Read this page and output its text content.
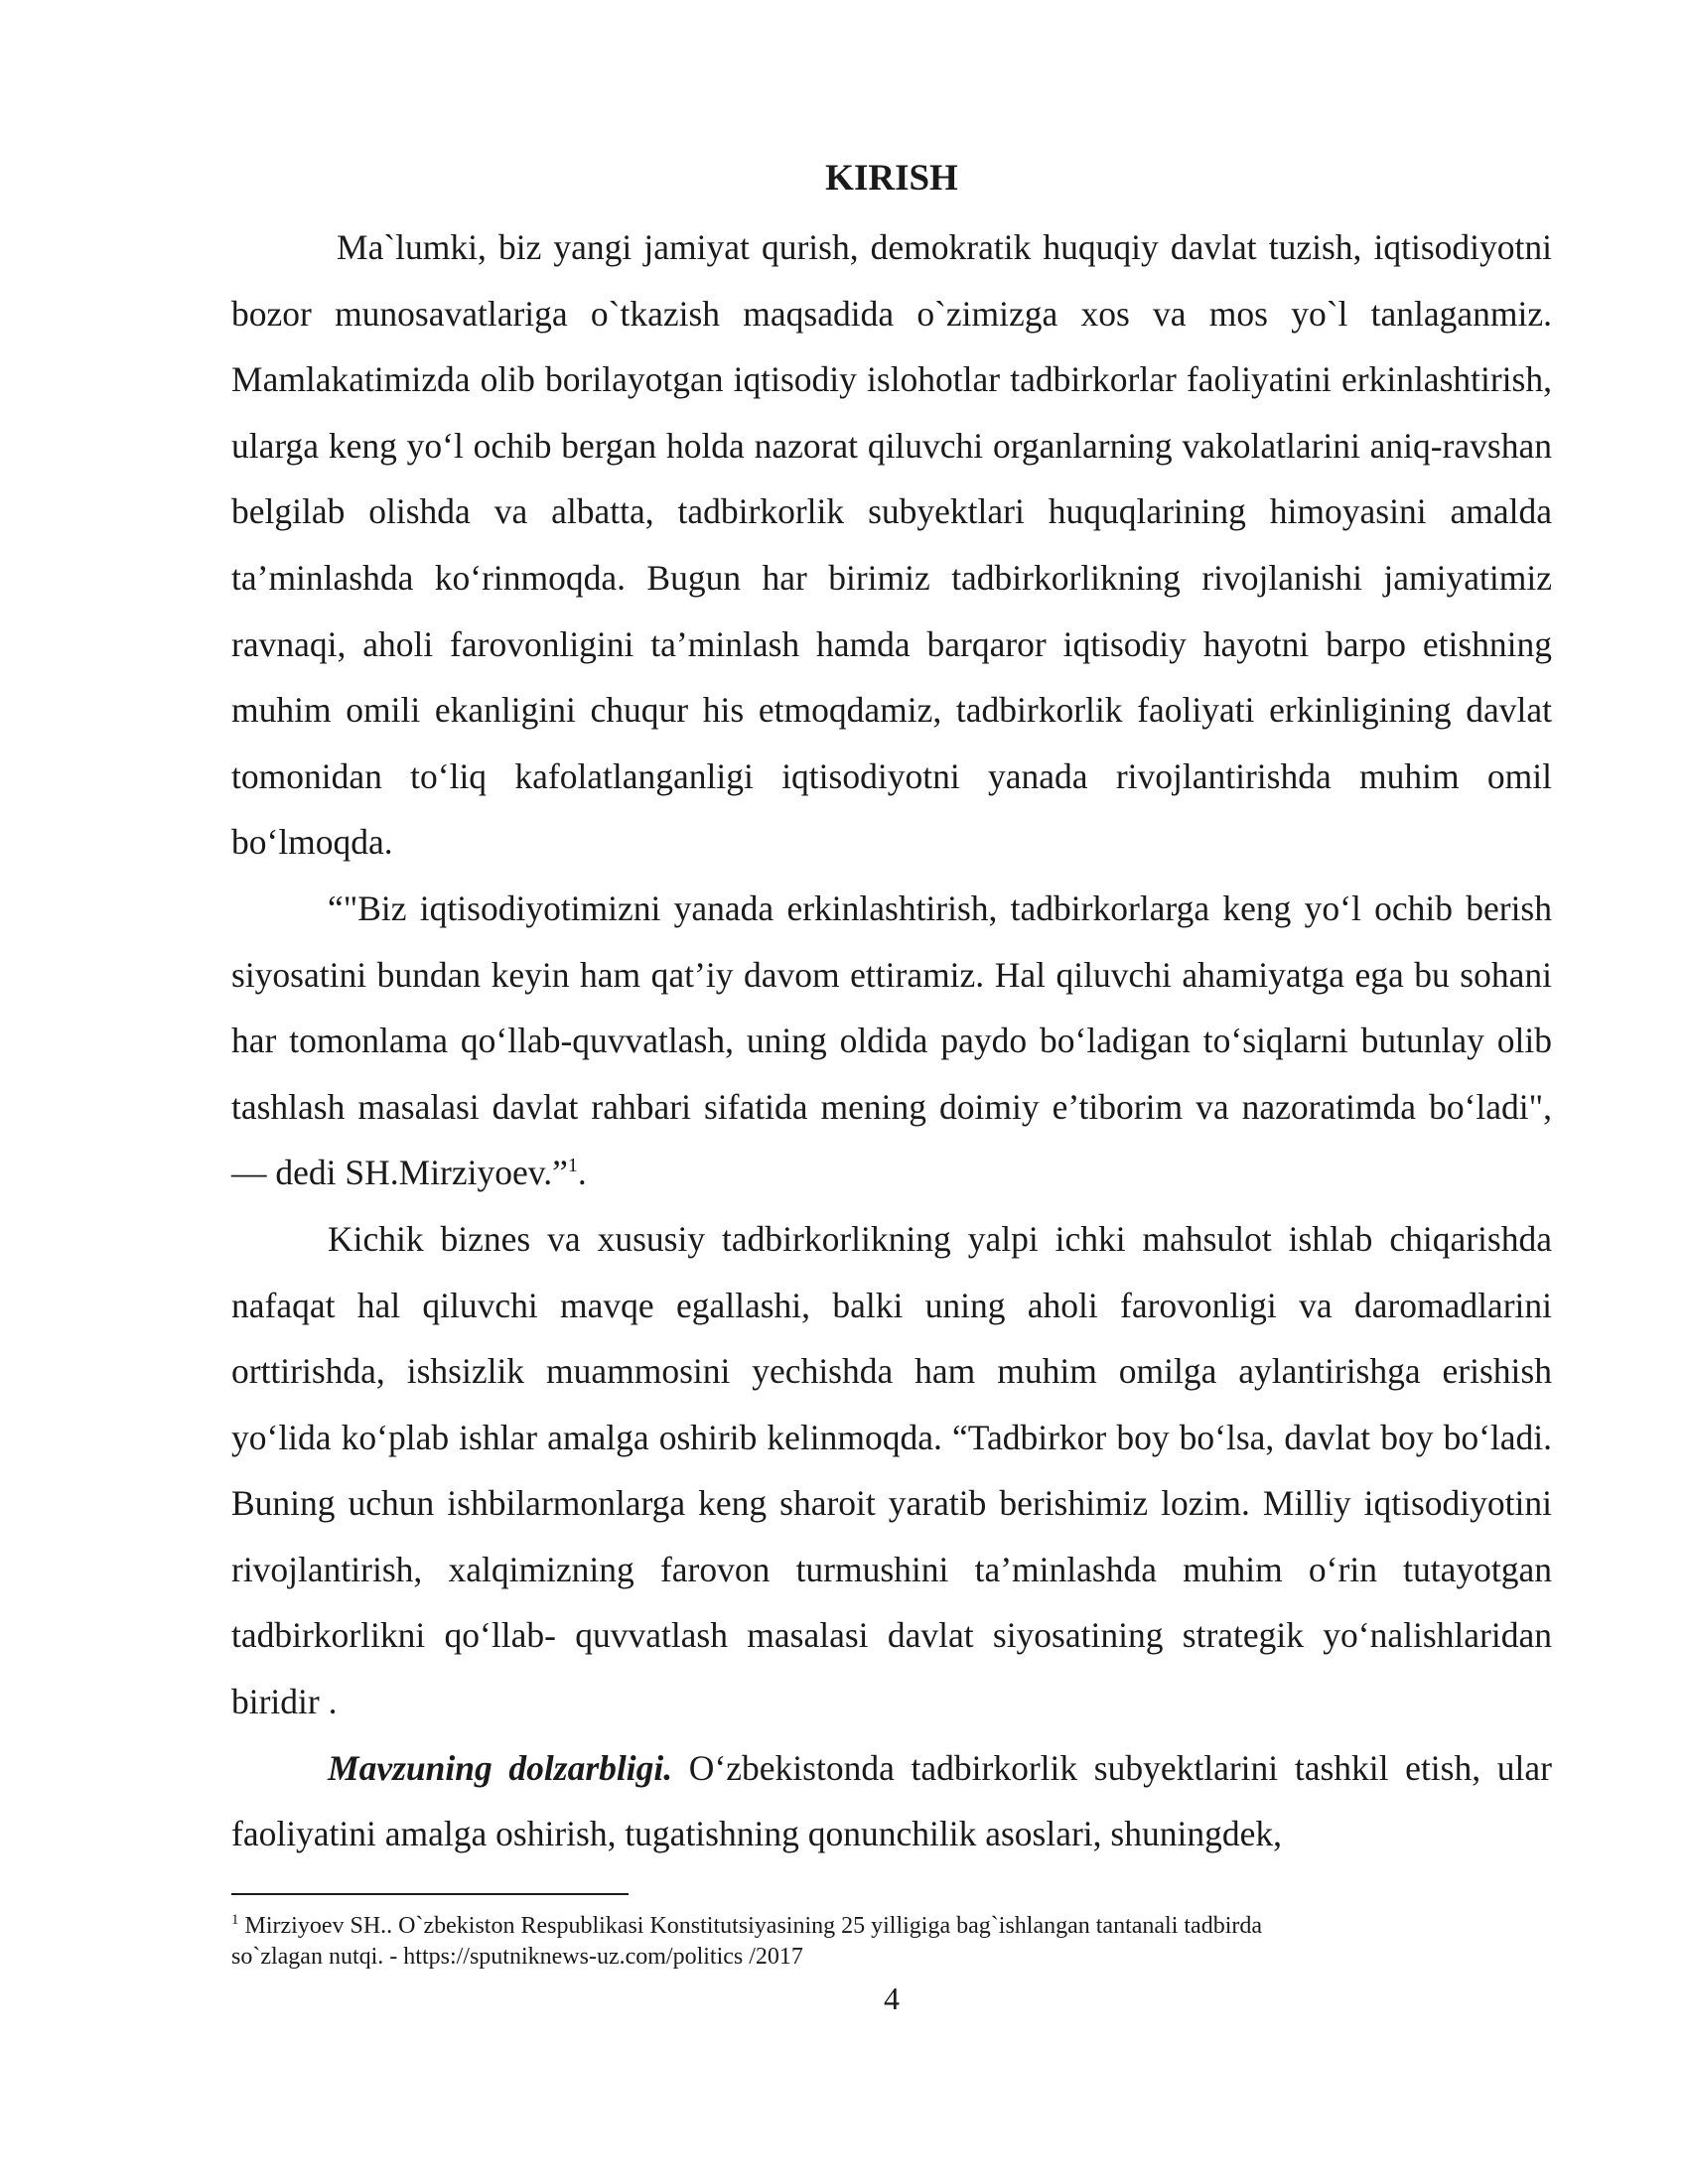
KIRISH

Ma`lumki, biz yangi jamiyat qurish, demokratik huquqiy davlat tuzish, iqtisodiyotni bozor munosavatlariga o`tkazish maqsadida o`zimizga xos va mos yo`l tanlaganmiz. Mamlakatimizda olib borilayotgan iqtisodiy islohotlar tadbirkorlar faoliyatini erkinlashtirish, ularga keng yo‘l ochib bergan holda nazorat qiluvchi organlarning vakolatlarini aniq-ravshan belgilab olishda va albatta, tadbirkorlik subyektlari huquqlarining himoyasini amalda ta’minlashda ko‘rinmoqda. Bugun har birimiz tadbirkorlikning rivojlanishi jamiyatimiz ravnaqi, aholi farovonligini ta’minlash hamda barqaror iqtisodiy hayotni barpo etishning muhim omili ekanligini chuqur his etmoqdamiz, tadbirkorlik faoliyati erkinligining davlat tomonidan to‘liq kafolatlanganligi iqtisodiyotni yanada rivojlantirishda muhim omil bo‘lmoqda.

“"Biz iqtisodiyotimizni yanada erkinlashtirish, tadbirkorlarga keng yo‘l ochib berish siyosatini bundan keyin ham qat’iy davom ettiramiz. Hal qiluvchi ahamiyatga ega bu sohani har tomonlama qo‘llab-quvvatlash, uning oldida paydo bo‘ladigan to‘siqlarni butunlay olib tashlash masalasi davlat rahbari sifatida mening doimiy e’tiborim va nazoratimda bo‘ladi", — dedi SH.Mirziyoev.”$^1$.

Kichik biznes va xususiy tadbirkorlikning yalpi ichki mahsulot ishlab chiqarishda nafaqat hal qiluvchi mavqe egallashi, balki uning aholi farovonligi va daromadlarini orttirishda, ishsizlik muammosini yechishda ham muhim omilga aylantirishga erishish yo‘lida ko‘plab ishlar amalga oshirib kelinmoqda. “Tadbirkor boy bo‘lsa, davlat boy bo‘ladi. Buning uchun ishbilarmonlarga keng sharoit yaratib berishimiz lozim. Milliy iqtisodiyotini rivojlantirish, xalqimizning farovon turmushini ta’minlashda muhim o‘rin tutayotgan tadbirkorlikni qo‘llab- quvvatlash masalasi davlat siyosatining strategik yo‘nalishlaridan biridir .

Mavzuning dolzarbligi. O‘zbekistonda tadbirkorlik subyektlarini tashkil etish, ular faoliyatini amalga oshirish, tugatishning qonunchilik asoslari, shuningdek,

$^1$ Mirziyoev SH.. O`zbekiston Respublikasi Konstitutsiyasining 25 yilligiga bag`ishlangan tantanali tadbirda
so`zlagan nutqi. - https://sputniknews-uz.com/politics /2017
4
